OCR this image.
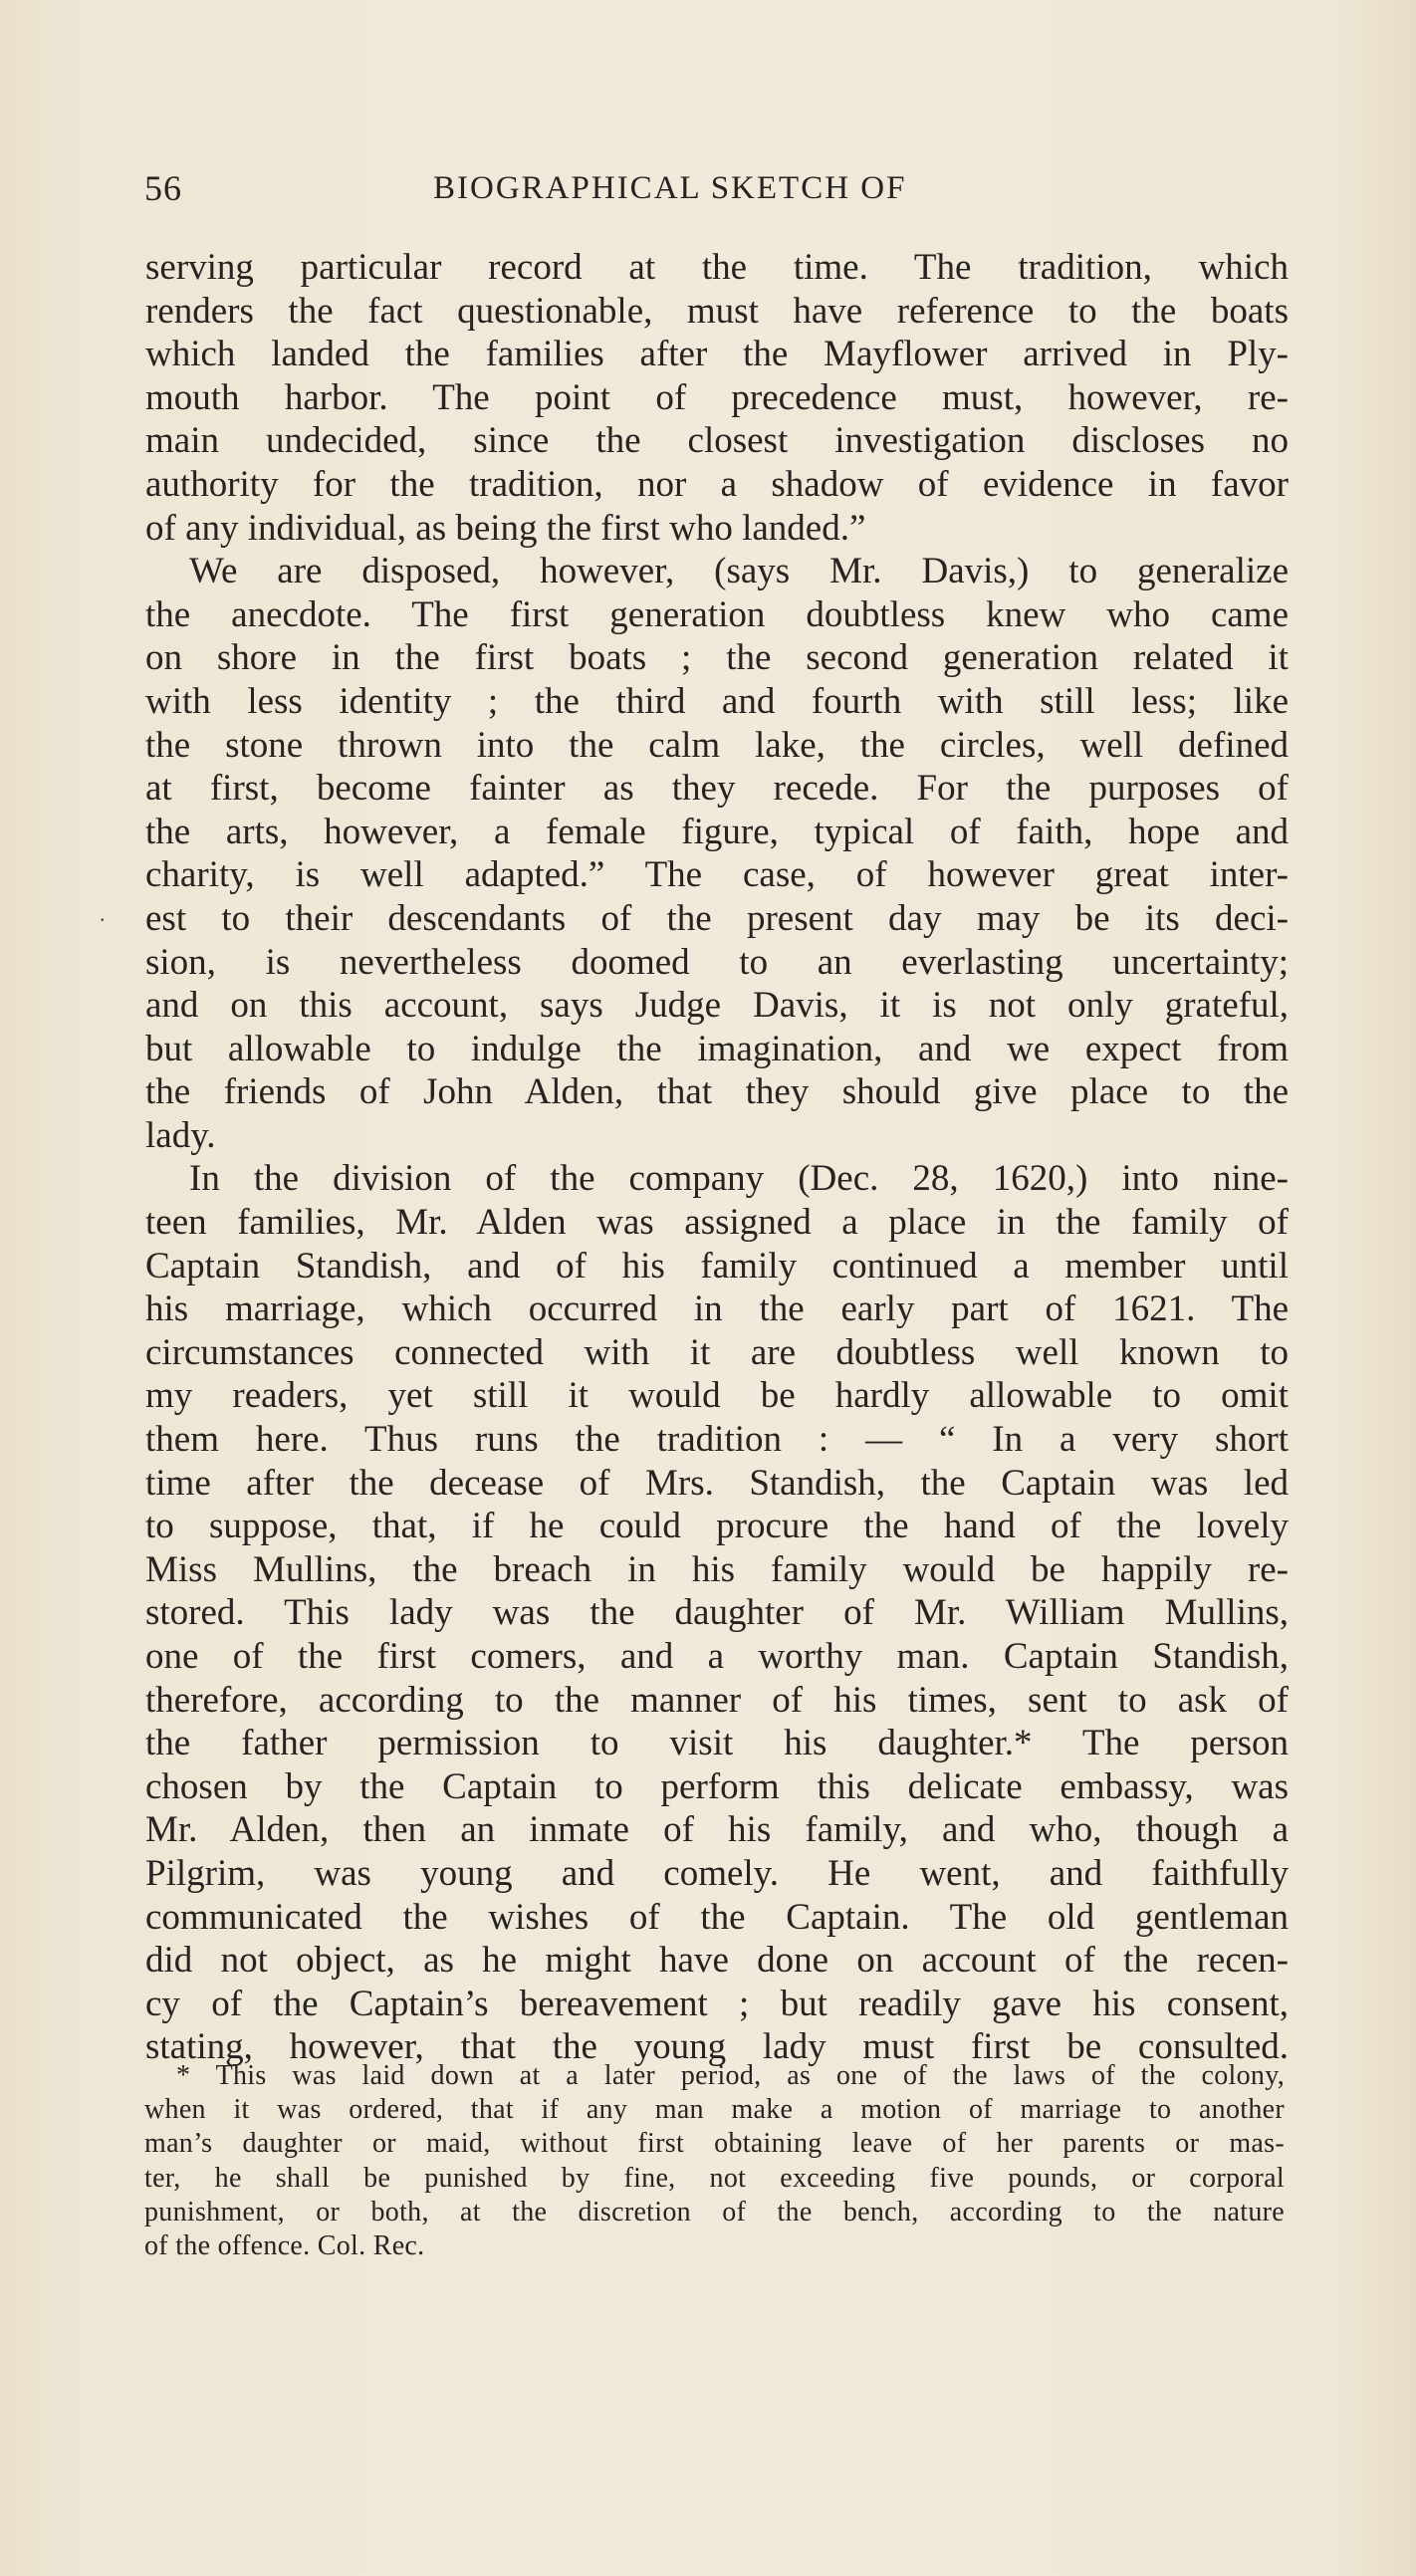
56	BIOGRAPHICAL SKETCH OF
.
serving particular record at the time. The tradition, which
renders the fact questionable, must have reference to the boats
which landed the families after the Mayflower arrived in Ply-
mouth harbor. The point of precedence must, however, re-
main undecided, since the closest investigation discloses no
authority for the tradition, nor a shadow of evidence in favor
of any individual, as being the first who landed.”
We are disposed, however, (says Mr. Davis,) to generalize
the anecdote. The first generation doubtless knew who came
on shore in the first boats ; the second generation related it
with less identity ; the third and fourth with still less; like
the stone thrown into the calm lake, the circles, well defined
at first, become fainter as they recede. For the purposes of
the arts, however, a female figure, typical of faith, hope and
charity, is well adapted.” The case, of however great inter-
est to their descendants of the present day may be its deci-
sion, is nevertheless doomed to an everlasting uncertainty;
and on this account, says Judge Davis, it is not only grateful,
but allowable to indulge the imagination, and we expect from
the friends of John Alden, that they should give place to the
lady.
In the division of the company (Dec. 28, 1620,) into nine-
teen families, Mr. Alden was assigned a place in the family of
Captain Standish, and of his family continued a member until
his marriage, which occurred in the early part of 1621. The
circumstances connected with it are doubtless well known to
my readers, yet still it would be hardly allowable to omit
them here. Thus runs the tradition : — “ In a very short
time after the decease of Mrs. Standish, the Captain was led
to suppose, that, if he could procure the hand of the lovely
Miss Mullins, the breach in his family would be happily re-
stored. This lady was the daughter of Mr. William Mullins,
one of the first comers, and a worthy man. Captain Standish,
therefore, according to the manner of his times, sent to ask of
the father permission to visit his daughter.* The person
chosen by the Captain to perform this delicate embassy, was
Mr. Alden, then an inmate of his family, and who, though a
Pilgrim, was young and comely. He went, and faithfully
communicated the wishes of the Captain. The old gentleman
did not object, as he might have done on account of the recen-
cy of the Captain’s bereavement ; but readily gave his consent,
stating, however, that the young lady must first be consulted.
* This was laid down at a later period, as one of the laws of the colony,
when it was ordered, that if any man make a motion of marriage to another
man’s daughter or maid, without first obtaining leave of her parents or mas-
ter, he shall be punished by fine, not exceeding five pounds, or corporal
punishment, or both, at the discretion of the bench, according to the nature
of the offence. Col. Rec.
